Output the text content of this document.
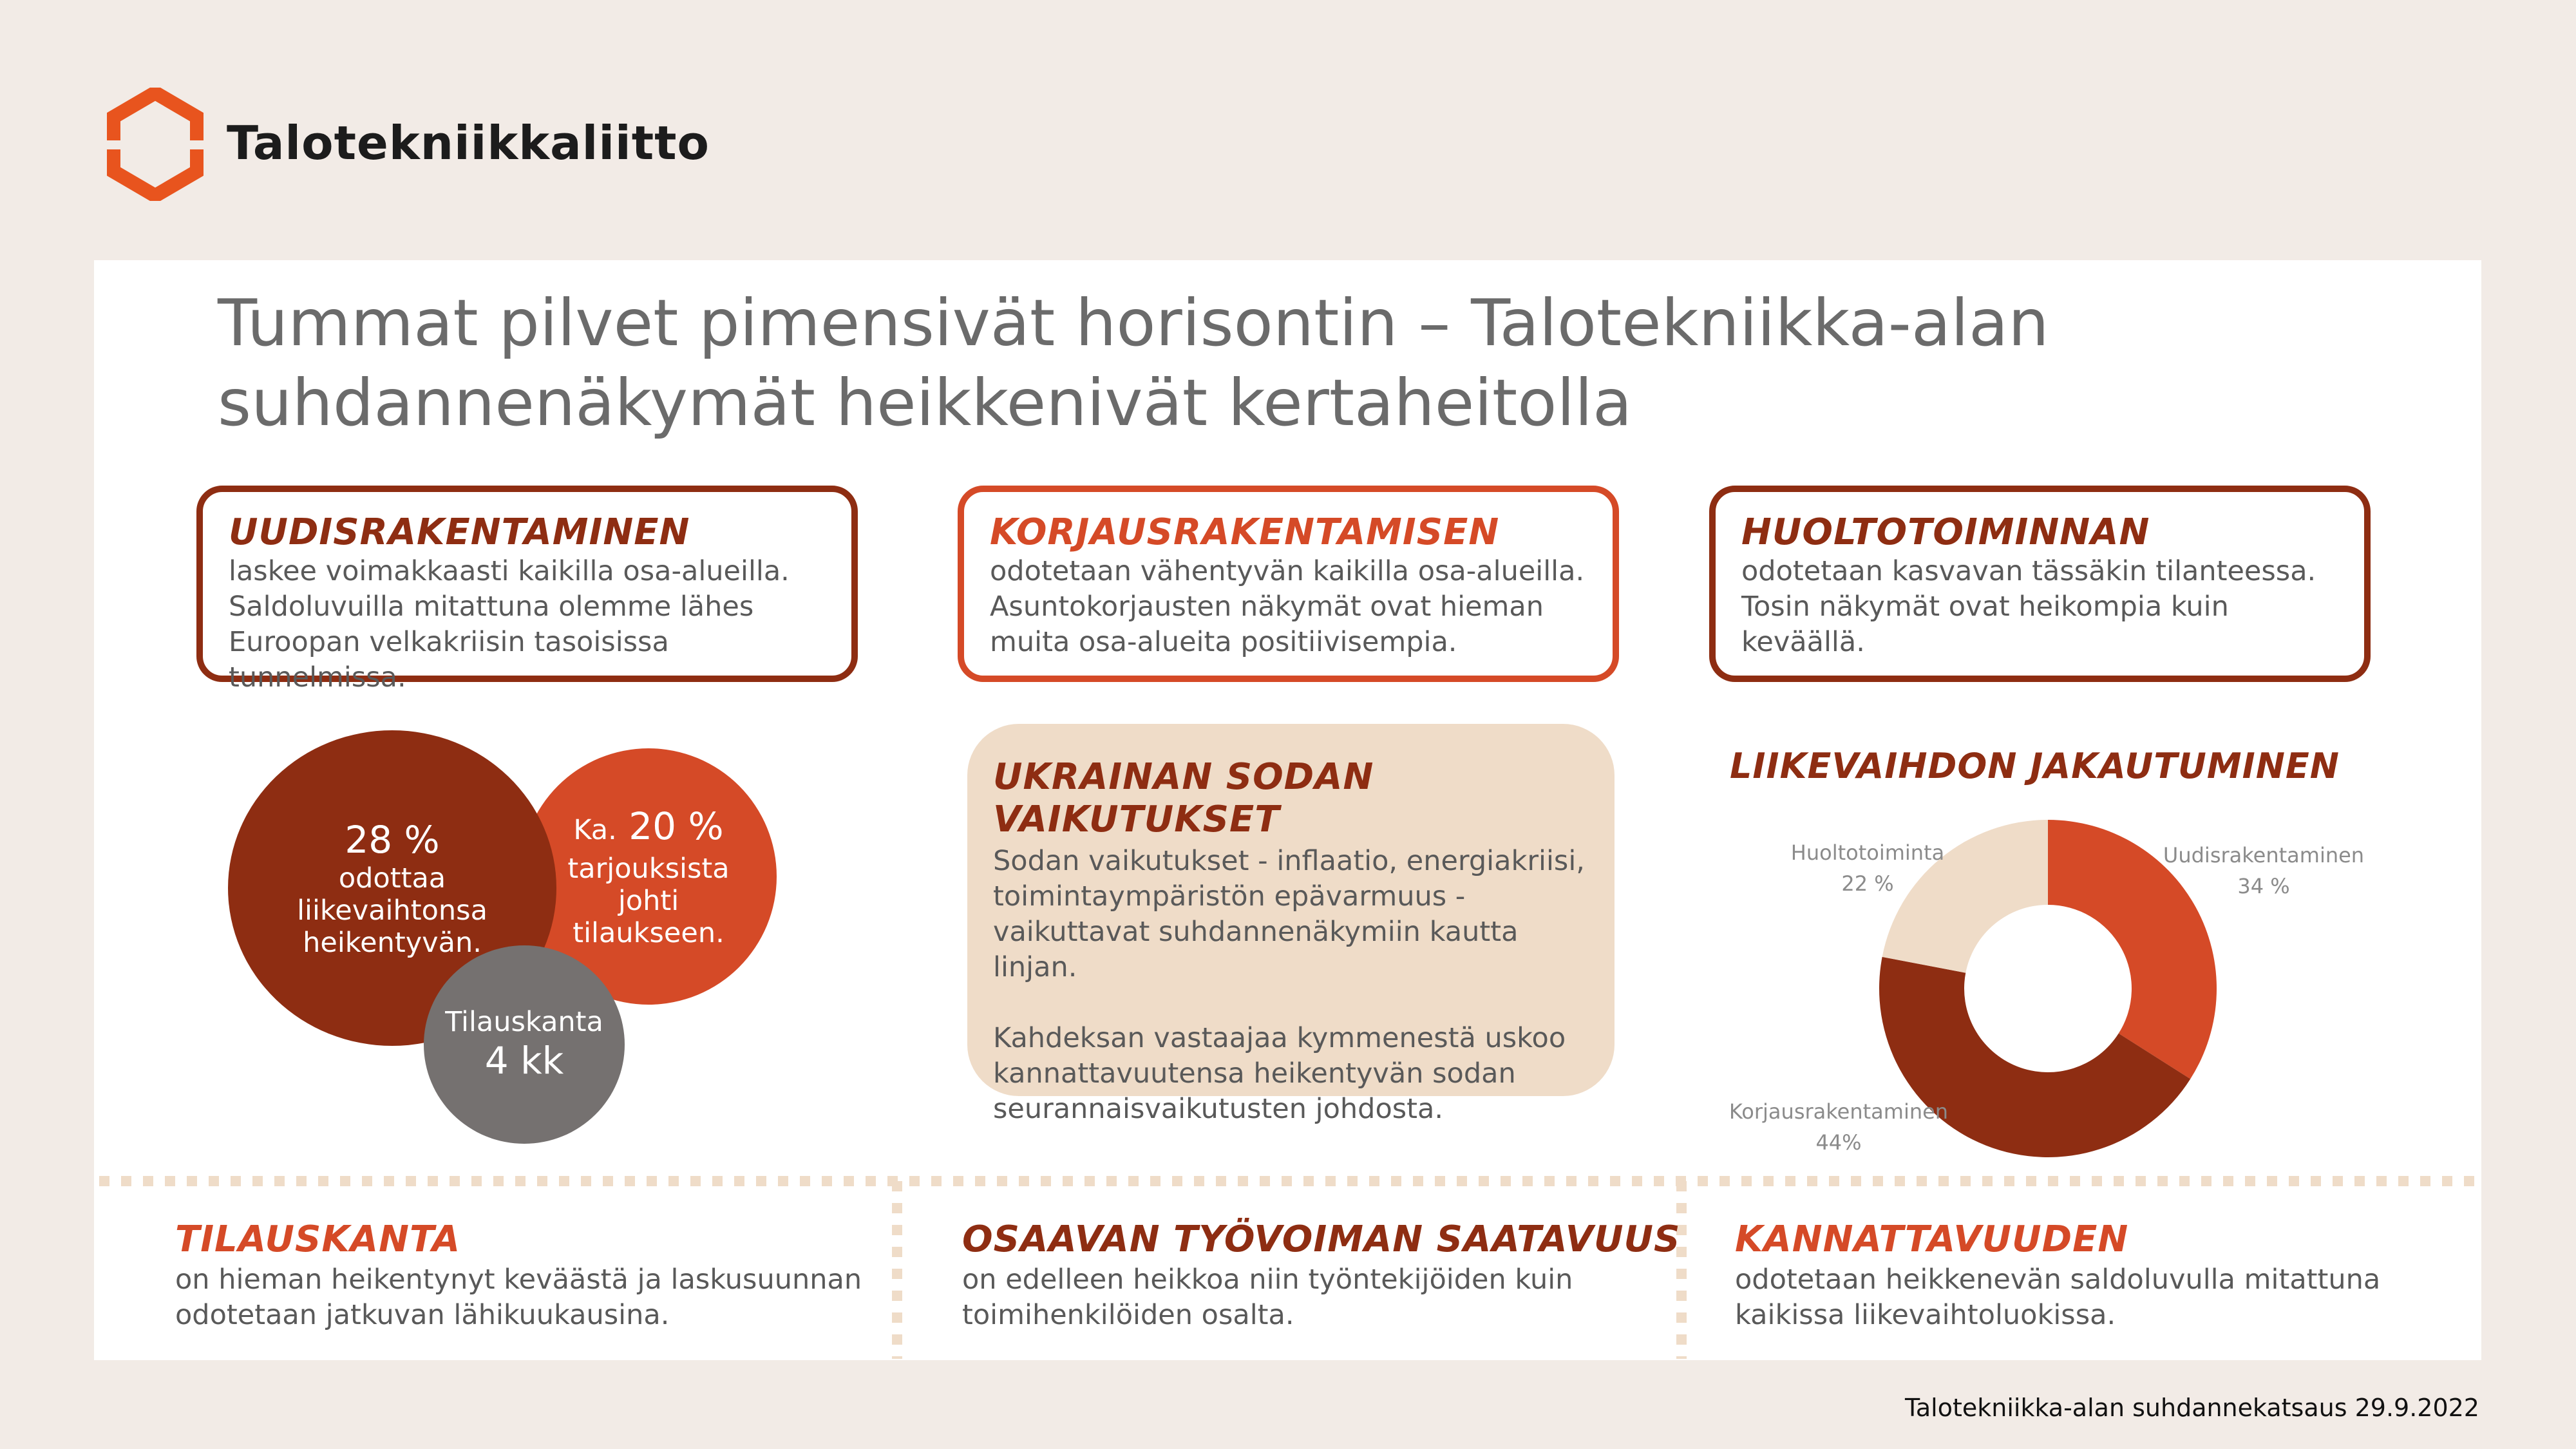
Talotekniikkaliitto
Tummat pilvet pimensivät horisontin – Talotekniikka-alan
suhdannenäkymät heikkenivät kertaheitolla
UUDISRAKENTAMINEN
laskee voimakkaasti kaikilla osa-alueilla.
Saldoluvuilla mitattuna olemme lähes
Euroopan velkakriisin tasoisissa tunnelmissa.
KORJAUSRAKENTAMISEN
odotetaan vähentyvän kaikilla osa-alueilla.
Asuntokorjausten näkymät ovat hieman
muita osa-alueita positiivisempia.
HUOLTOTOIMINNAN
odotetaan kasvavan tässäkin tilanteessa.
Tosin näkymät ovat heikompia kuin
keväällä.
Ka. 20 %
tarjouksista
johti
tilaukseen.
28 %
odottaa
liikevaihtonsa
heikentyvän.
Tilauskanta
4 kk
UKRAINAN SODAN VAIKUTUKSET
Sodan vaikutukset - inflaatio, energiakriisi,
toimintaympäristön epävarmuus -
vaikuttavat suhdannenäkymiin kautta linjan.
Kahdeksan vastaajaa kymmenestä uskoo
kannattavuutensa heikentyvän sodan
seurannaisvaikutusten johdosta.
LIIKEVAIHDON JAKAUTUMINEN
Huoltotoiminta
22 %
Uudisrakentaminen
34 %
Korjausrakentaminen
44%
TILAUSKANTA
on hieman heikentynyt keväästä ja laskusuunnan
odotetaan jatkuvan lähikuukausina.
OSAAVAN TYÖVOIMAN SAATAVUUS
on edelleen heikkoa niin työntekijöiden kuin
toimihenkilöiden osalta.
KANNATTAVUUDEN
odotetaan heikkenevän saldoluvulla mitattuna
kaikissa liikevaihtoluokissa.
Talotekniikka-alan suhdannekatsaus 29.9.2022
